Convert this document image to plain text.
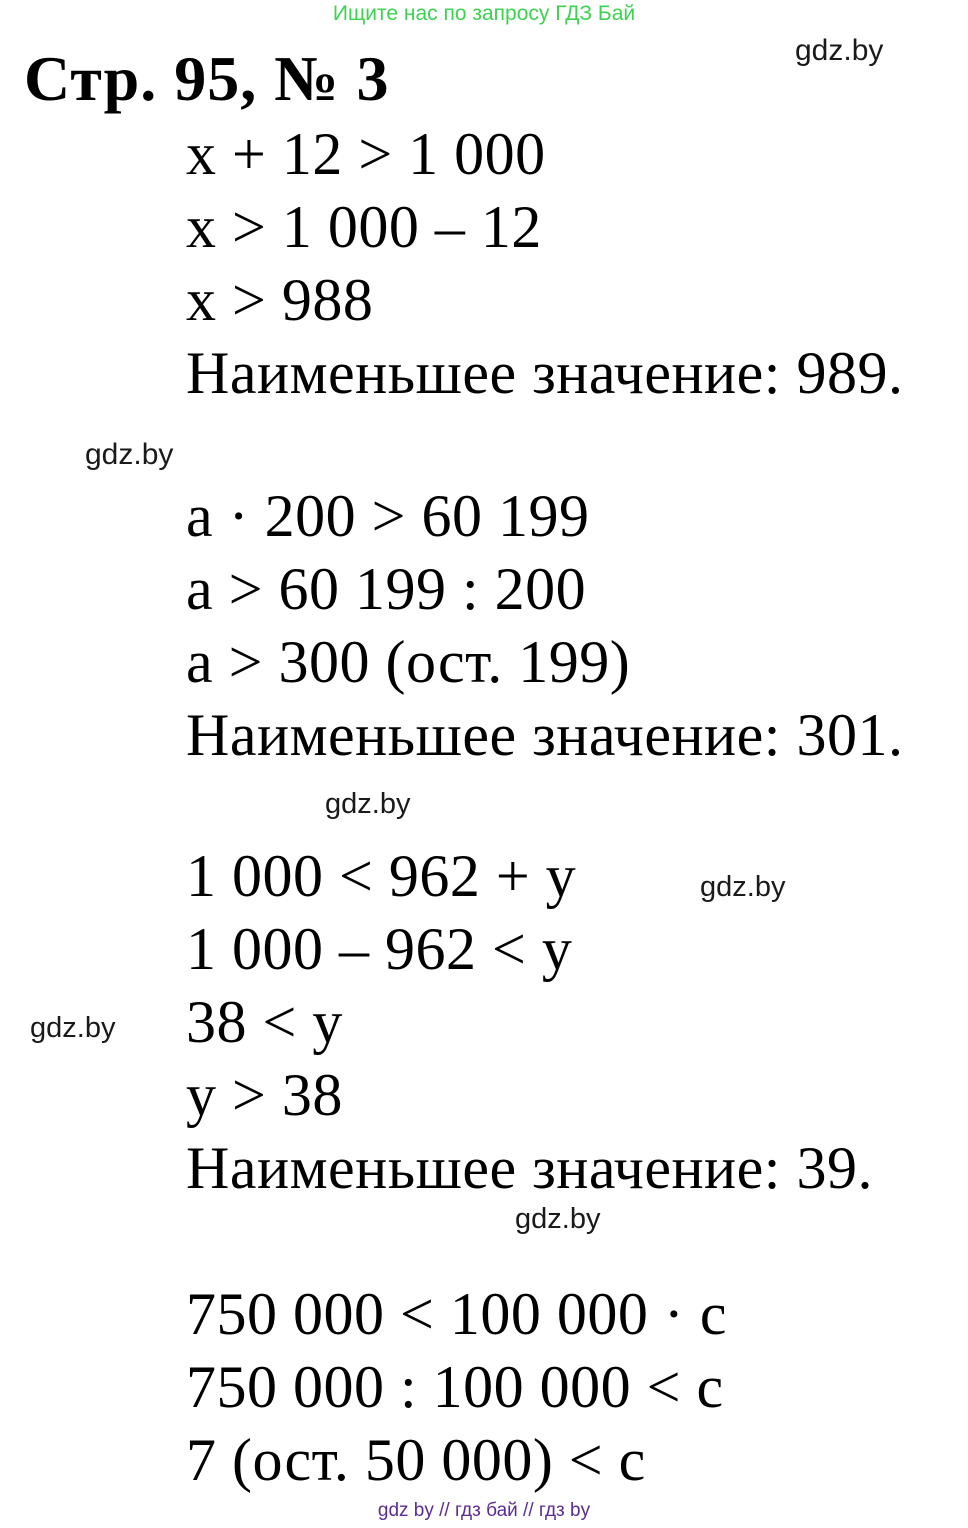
Ищите нас по запросу ГДЗ Бай
gdz.by
Стр. 95, № 3
x + 12 > 1 000
x > 1 000 – 12
x > 988
Наименьшее значение: 989.
gdz.by
a · 200 > 60 199
a > 60 199 : 200
a > 300 (ост. 199)
Наименьшее значение: 301.
gdz.by
1 000 < 962 + y
1 000 – 962 < y
38 < y
y > 38
Наименьшее значение: 39.
gdz.by
gdz.by
gdz.by
750 000 < 100 000 · c
750 000 : 100 000 < c
7 (ост. 50 000) < c
gdz by // гдз бай // гдз by
